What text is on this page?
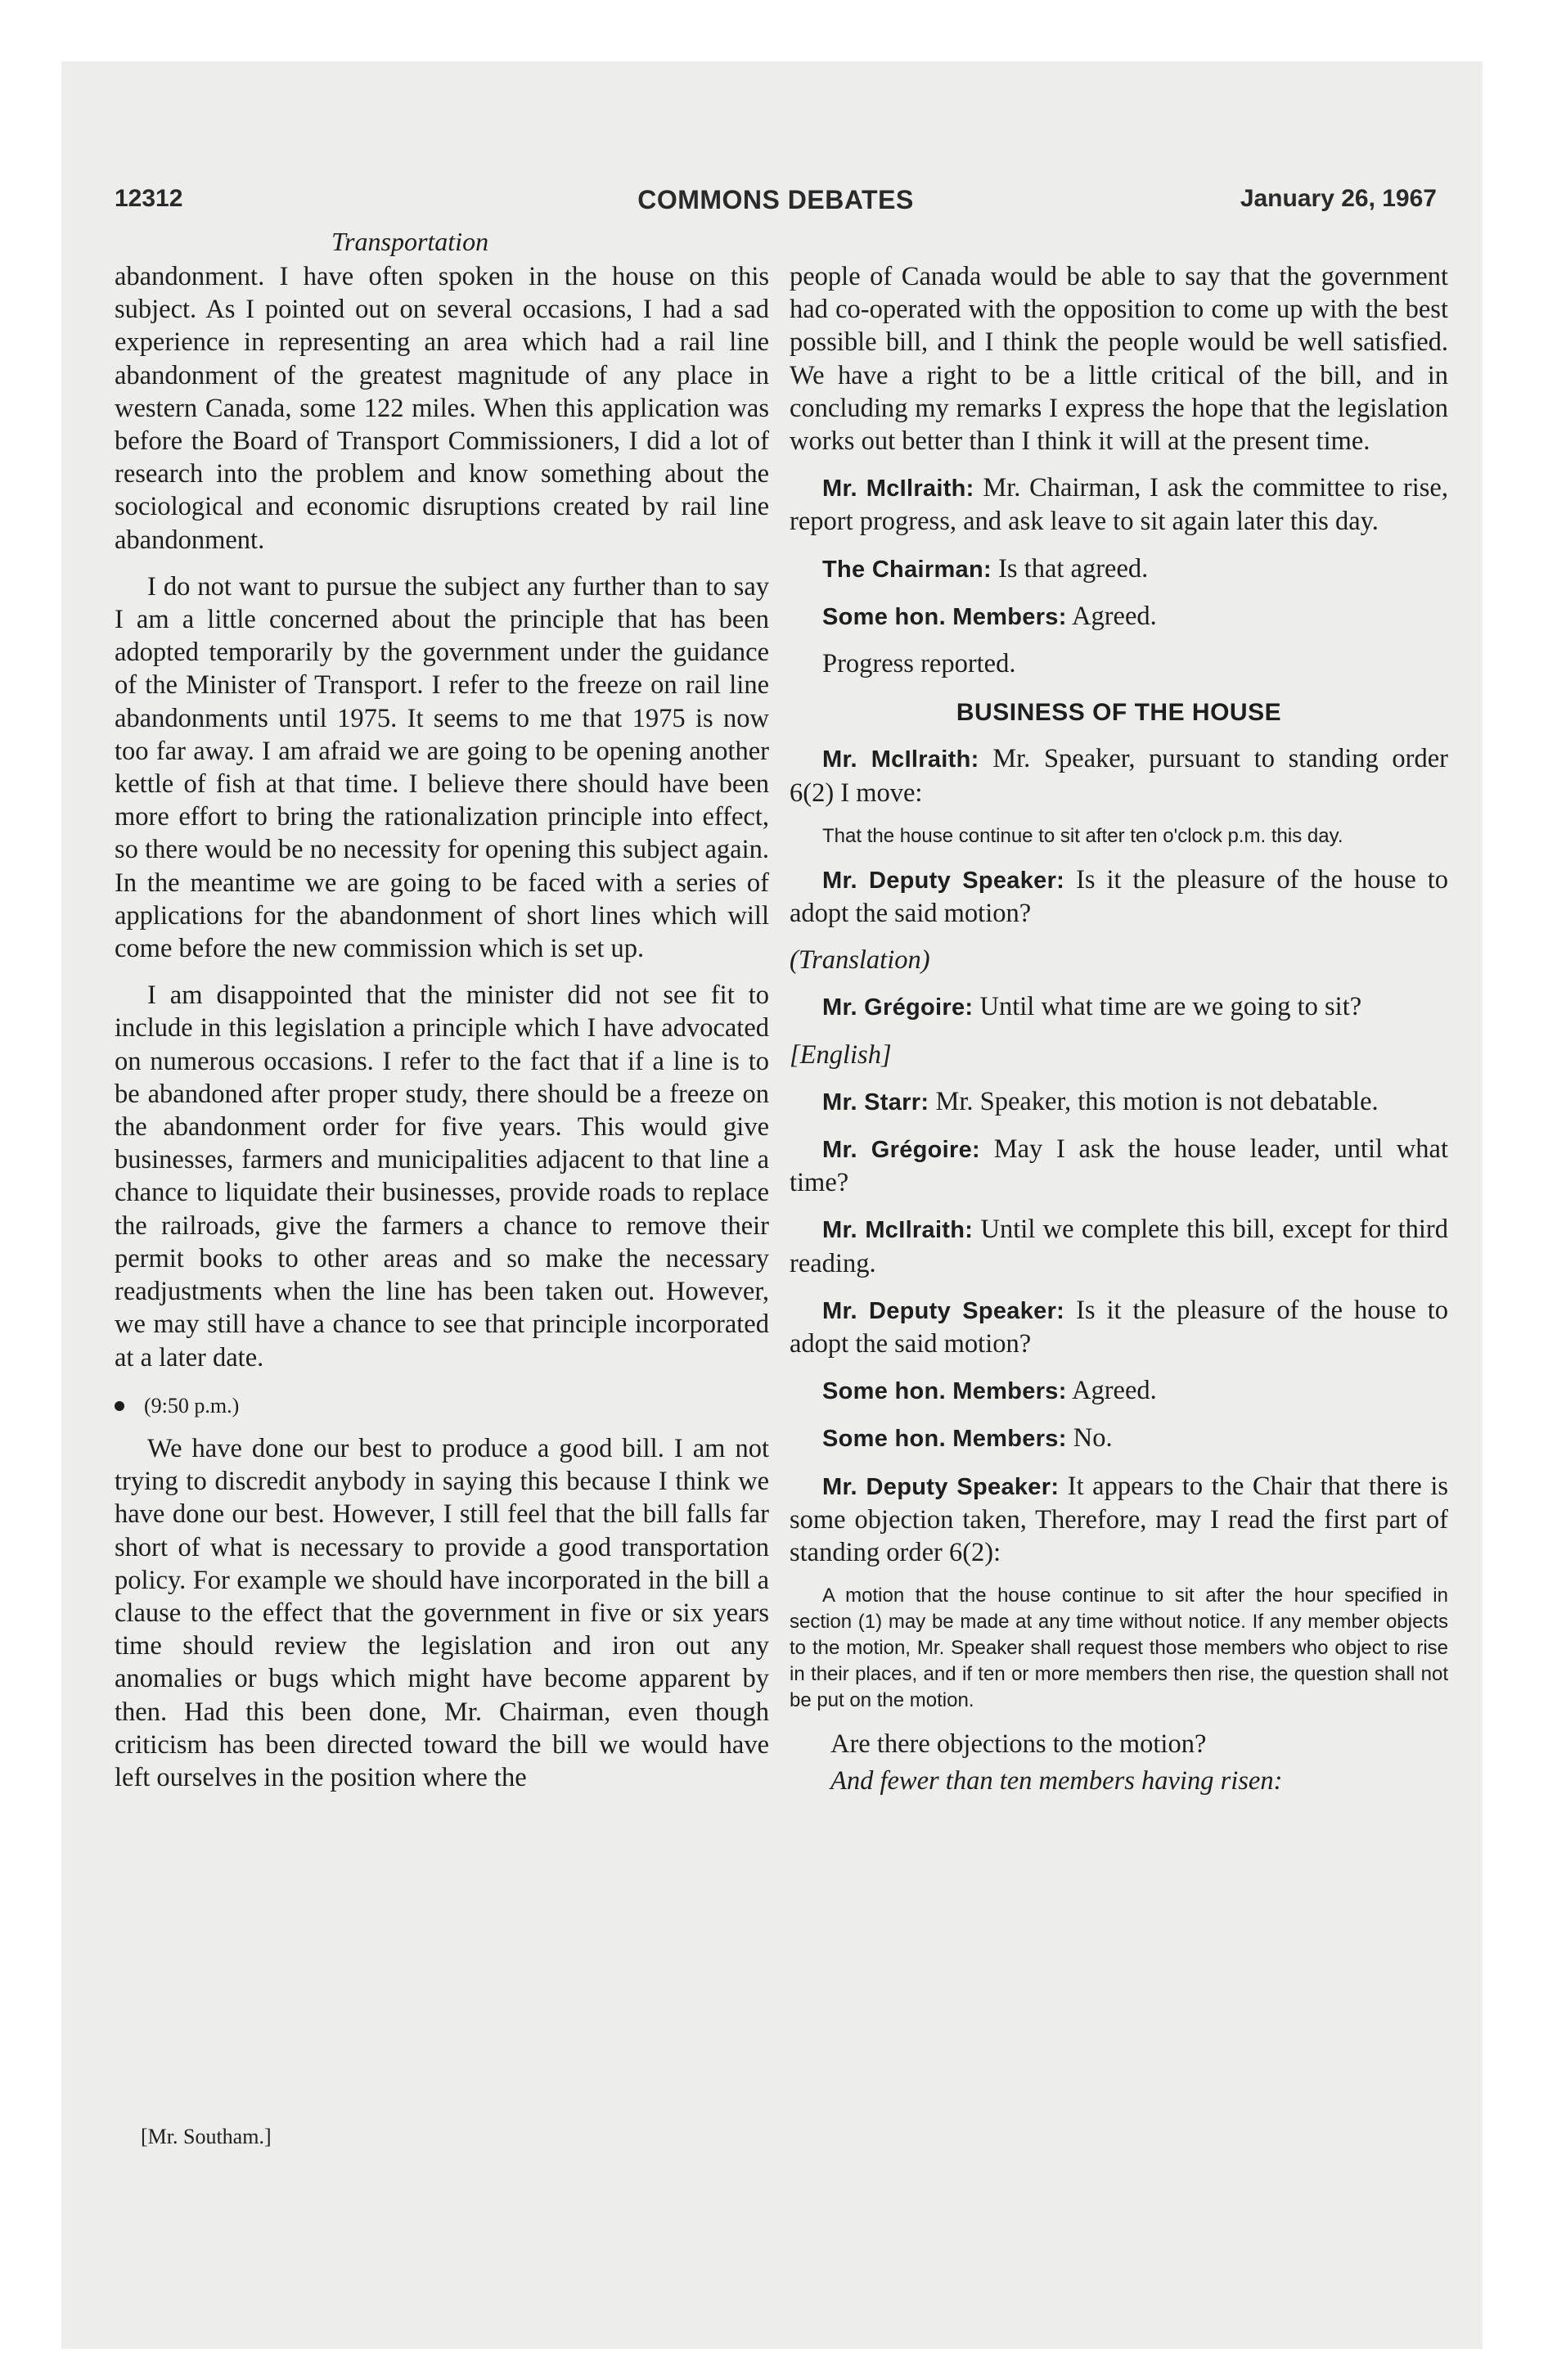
12312	COMMONS DEBATES	January 26, 1967
Transportation

abandonment. I have often spoken in the house on this subject. As I pointed out on several occasions, I had a sad experience in representing an area which had a rail line abandonment of the greatest magnitude of any place in western Canada, some 122 miles. When this application was before the Board of Transport Commissioners, I did a lot of research into the problem and know something about the sociological and economic disruptions created by rail line abandonment.

I do not want to pursue the subject any further than to say I am a little concerned about the principle that has been adopted temporarily by the government under the guidance of the Minister of Transport. I refer to the freeze on rail line abandonments until 1975. It seems to me that 1975 is now too far away. I am afraid we are going to be opening another kettle of fish at that time. I believe there should have been more effort to bring the rationalization principle into effect, so there would be no necessity for opening this subject again. In the meantime we are going to be faced with a series of applications for the abandonment of short lines which will come before the new commission which is set up.

I am disappointed that the minister did not see fit to include in this legislation a principle which I have advocated on numerous occasions. I refer to the fact that if a line is to be abandoned after proper study, there should be a freeze on the abandonment order for five years. This would give businesses, farmers and municipalities adjacent to that line a chance to liquidate their businesses, provide roads to replace the railroads, give the farmers a chance to remove their permit books to other areas and so make the necessary readjustments when the line has been taken out. However, we may still have a chance to see that principle incorporated at a later date.

(9:50 p.m.)

We have done our best to produce a good bill. I am not trying to discredit anybody in saying this because I think we have done our best. However, I still feel that the bill falls far short of what is necessary to provide a good transportation policy. For example we should have incorporated in the bill a clause to the effect that the government in five or six years time should review the legislation and iron out any anomalies or bugs which might have become apparent by then. Had this been done, Mr. Chairman, even though criticism has been directed toward the bill we would have left ourselves in the position where the

[Mr. Southam.]

people of Canada would be able to say that the government had co-operated with the opposition to come up with the best possible bill, and I think the people would be well satisfied. We have a right to be a little critical of the bill, and in concluding my remarks I express the hope that the legislation works out better than I think it will at the present time.

Mr. McIlraith: Mr. Chairman, I ask the committee to rise, report progress, and ask leave to sit again later this day.

The Chairman: Is that agreed.

Some hon. Members: Agreed.

Progress reported.

BUSINESS OF THE HOUSE

Mr. McIlraith: Mr. Speaker, pursuant to standing order 6(2) I move:

That the house continue to sit after ten o'clock p.m. this day.

Mr. Deputy Speaker: Is it the pleasure of the house to adopt the said motion?

(Translation)

Mr. Grégoire: Until what time are we going to sit?

[English]

Mr. Starr: Mr. Speaker, this motion is not debatable.

Mr. Grégoire: May I ask the house leader, until what time?

Mr. McIlraith: Until we complete this bill, except for third reading.

Mr. Deputy Speaker: Is it the pleasure of the house to adopt the said motion?

Some hon. Members: Agreed.

Some hon. Members: No.

Mr. Deputy Speaker: It appears to the Chair that there is some objection taken, Therefore, may I read the first part of standing order 6(2):

A motion that the house continue to sit after the hour specified in section (1) may be made at any time without notice. If any member objects to the motion, Mr. Speaker shall request those members who object to rise in their places, and if ten or more members then rise, the question shall not be put on the motion.

Are there objections to the motion?

And fewer than ten members having risen:
